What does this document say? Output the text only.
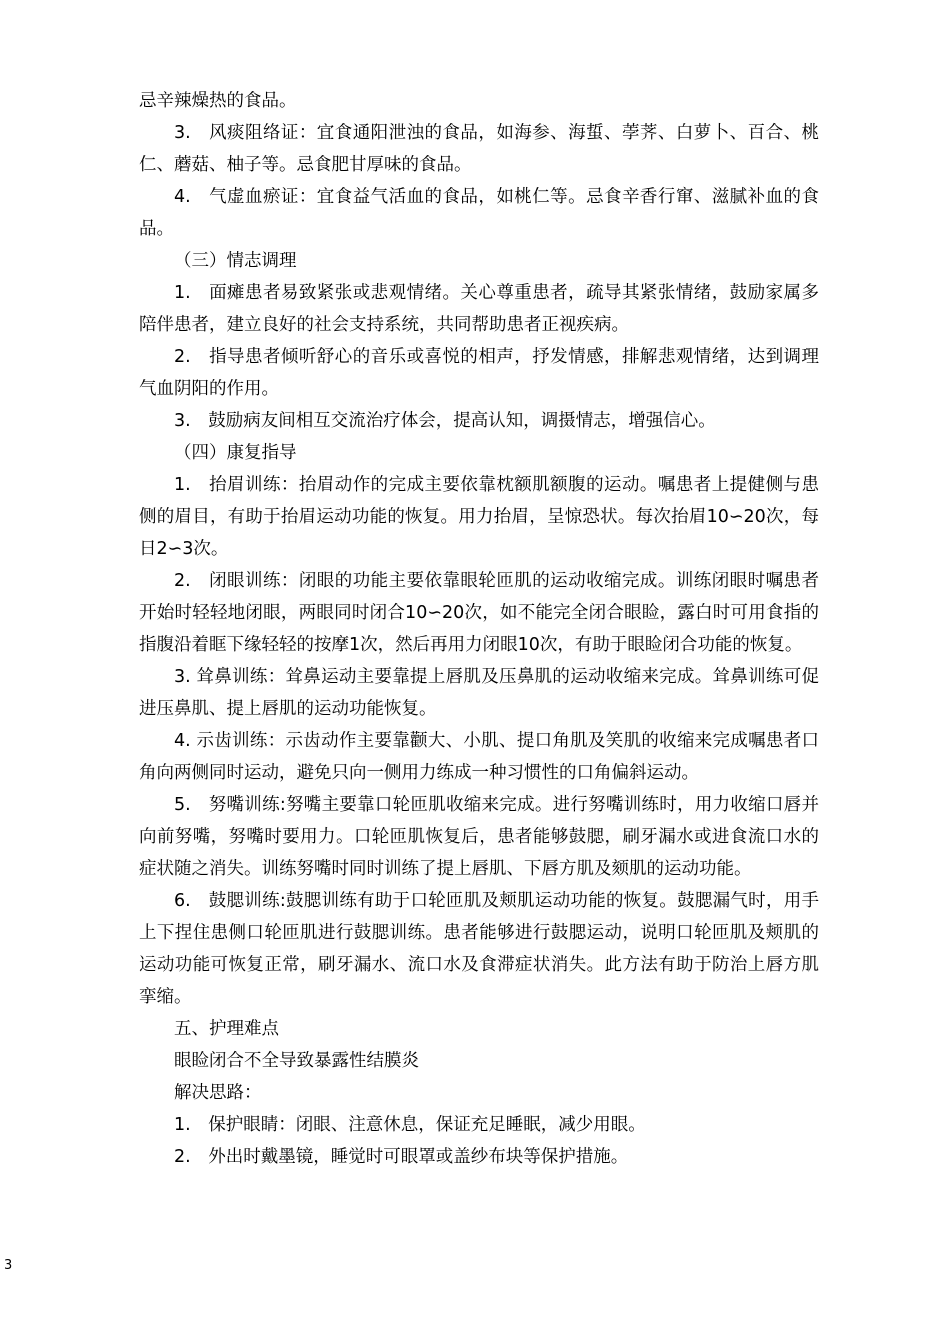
忌辛辣燥热的食品。

3.　风痰阻络证：宜食通阳泄浊的食品，如海参、海蜇、荸荠、白萝卜、百合、桃仁、蘑菇、柚子等。忌食肥甘厚味的食品。

4.　气虚血瘀证：宜食益气活血的食品，如桃仁等。忌食辛香行窜、滋腻补血的食品。

（三）情志调理

1.　面瘫患者易致紧张或悲观情绪。关心尊重患者，疏导其紧张情绪，鼓励家属多陪伴患者，建立良好的社会支持系统，共同帮助患者正视疾病。

2.　指导患者倾听舒心的音乐或喜悦的相声，抒发情感，排解悲观情绪，达到调理气血阴阳的作用。

3.　鼓励病友间相互交流治疗体会，提高认知，调摄情志，增强信心。

（四）康复指导

1.　抬眉训练：抬眉动作的完成主要依靠枕额肌额腹的运动。嘱患者上提健侧与患侧的眉目，有助于抬眉运动功能的恢复。用力抬眉，呈惊恐状。每次抬眉10∽20次，每日2∽3次。

2.　闭眼训练：闭眼的功能主要依靠眼轮匝肌的运动收缩完成。训练闭眼时嘱患者开始时轻轻地闭眼，两眼同时闭合10∽20次，如不能完全闭合眼睑，露白时可用食指的指腹沿着眶下缘轻轻的按摩1次，然后再用力闭眼10次，有助于眼睑闭合功能的恢复。

3. 耸鼻训练：耸鼻运动主要靠提上唇肌及压鼻肌的运动收缩来完成。耸鼻训练可促进压鼻肌、提上唇肌的运动功能恢复。

4. 示齿训练：示齿动作主要靠颧大、小肌、提口角肌及笑肌的收缩来完成嘱患者口角向两侧同时运动，避免只向一侧用力练成一种习惯性的口角偏斜运动。

5.　努嘴训练:努嘴主要靠口轮匝肌收缩来完成。进行努嘴训练时，用力收缩口唇并向前努嘴，努嘴时要用力。口轮匝肌恢复后，患者能够鼓腮，刷牙漏水或进食流口水的症状随之消失。训练努嘴时同时训练了提上唇肌、下唇方肌及颏肌的运动功能。

6.　鼓腮训练:鼓腮训练有助于口轮匝肌及颊肌运动功能的恢复。鼓腮漏气时，用手上下捏住患侧口轮匝肌进行鼓腮训练。患者能够进行鼓腮运动，说明口轮匝肌及颊肌的运动功能可恢复正常，刷牙漏水、流口水及食滞症状消失。此方法有助于防治上唇方肌挛缩。

五、护理难点

眼睑闭合不全导致暴露性结膜炎

解决思路：

1.　保护眼睛：闭眼、注意休息，保证充足睡眠，减少用眼。

2.　外出时戴墨镜，睡觉时可眼罩或盖纱布块等保护措施。

3
